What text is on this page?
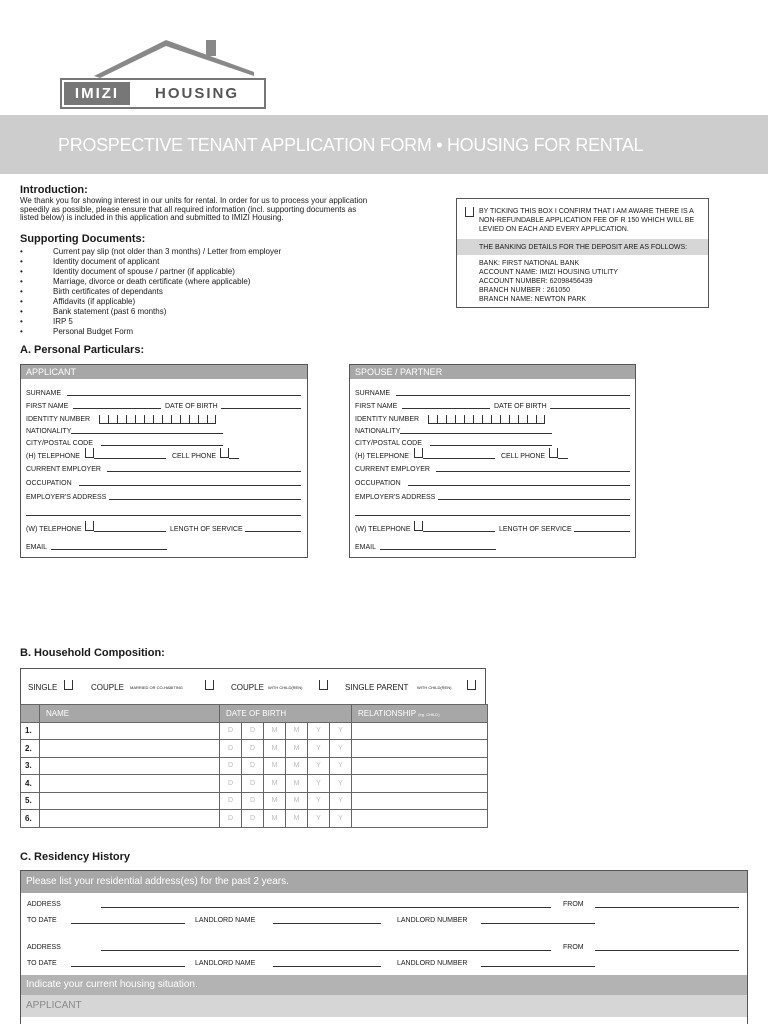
IMIZI	HOUSING
PROSPECTIVE TENANT APPLICATION FORM • HOUSING FOR RENTAL
Introduction:
We thank you for showing interest in our units for rental. In order for us to process your application
speedily as possible, please ensure that all required information (incl. supporting documents as
listed below) is included in this application and submitted to IMIZI Housing.
Supporting Documents:
• Current pay slip (not older than 3 months) / Letter from employer
• Identity document of applicant
• Identity document of spouse / partner (if applicable)
• Marriage, divorce or death certificate (where applicable)
• Birth certificates of dependants
• Affidavits (if applicable)
• Bank statement (past 6 months)
• IRP 5
• Personal Budget Form
BY TICKING THIS BOX I CONFIRM THAT I AM AWARE THERE IS A
NON-REFUNDABLE APPLICATION FEE OF R 150 WHICH WILL BE
LEVIED ON EACH AND EVERY APPLICATION.
THE BANKING DETAILS FOR THE DEPOSIT ARE AS FOLLOWS:
BANK: FIRST NATIONAL BANK
ACCOUNT NAME: IMIZI HOUSING UTILITY
ACCOUNT NUMBER: 62098456439
BRANCH NUMBER : 261050
BRANCH NAME: NEWTON PARK
A. Personal Particulars:
APPLICANT
SURNAME
FIRST NAME	DATE OF BIRTH
IDENTITY NUMBER
NATIONALITY
CITY/POSTAL CODE
(H) TELEPHONE	CELL PHONE
CURRENT EMPLOYER
OCCUPATION
EMPLOYER'S ADDRESS
(W) TELEPHONE	LENGTH OF SERVICE
EMAIL
SPOUSE / PARTNER
SURNAME
FIRST NAME	DATE OF BIRTH
IDENTITY NUMBER
NATIONALITY
CITY/POSTAL CODE
(H) TELEPHONE	CELL PHONE
CURRENT EMPLOYER
OCCUPATION
EMPLOYER'S ADDRESS
(W) TELEPHONE	LENGTH OF SERVICE
EMAIL
B. Household Composition:
SINGLE	COUPLE MARRIED OR CO-HABITING	COUPLE WITH CHILD(REN)	SINGLE PARENT WITH CHILD(REN)
	NAME	DATE OF BIRTH						RELATIONSHIP (eg. CHILD)
1.		D	D	M	M	Y	Y	
2.		D	D	M	M	Y	Y	
3.		D	D	M	M	Y	Y	
4.		D	D	M	M	Y	Y	
5.		D	D	M	M	Y	Y	
6.		D	D	M	M	Y	Y	
C. Residency History
Please list your residential address(es) for the past 2 years.
ADDRESS	FROM
TO DATE	LANDLORD NAME	LANDLORD NUMBER
ADDRESS	FROM
TO DATE	LANDLORD NAME	LANDLORD NUMBER
Indicate your current housing situation.
APPLICANT
